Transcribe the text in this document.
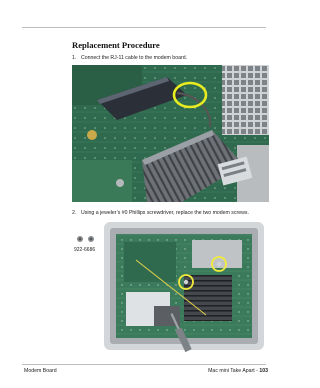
Replacement Procedure
1. Connect the RJ-11 cable to the modem board.
2. Using a jeweler’s #0 Phillips screwdriver, replace the two modem screws.
922-6686
Modem Board	Mac mini Take Apart - 103
